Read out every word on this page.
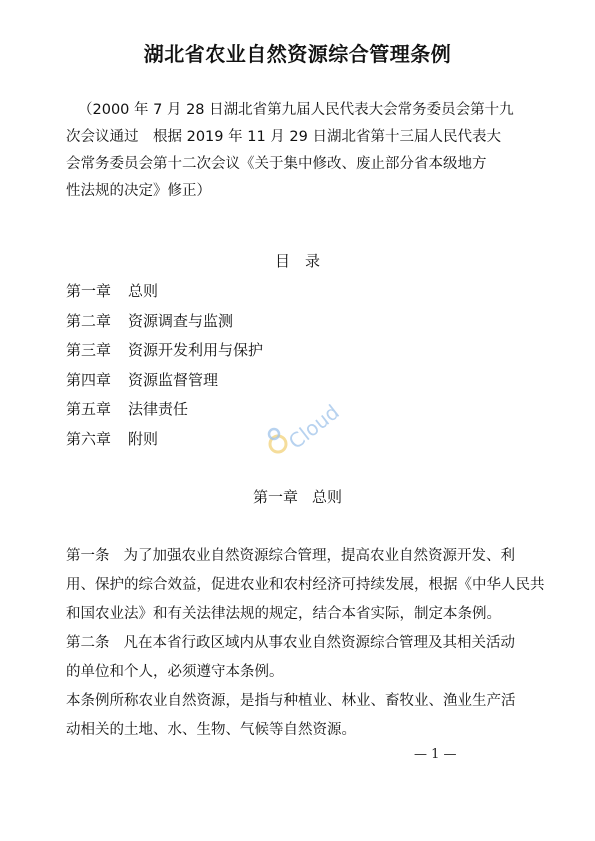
湖北省农业自然资源综合管理条例
（2000 年 7 月 28 日湖北省第九届人民代表大会常务委员会第十九
次会议通过　根据 2019 年 11 月 29 日湖北省第十三届人民代表大
会常务委员会第十二次会议《关于集中修改、废止部分省本级地方
性法规的决定》修正）
目　录
第一章 总则
第二章 资源调查与监测
第三章 资源开发利用与保护
第四章 资源监督管理
第五章 法律责任
第六章 附则
第一章 总则
第一条 为了加强农业自然资源综合管理，提高农业自然资源开发、利
用、保护的综合效益，促进农业和农村经济可持续发展，根据《中华人民共
和国农业法》和有关法律法规的规定，结合本省实际，制定本条例。
第二条 凡在本省行政区域内从事农业自然资源综合管理及其相关活动
的单位和个人，必须遵守本条例。
本条例所称农业自然资源，是指与种植业、林业、畜牧业、渔业生产活
动相关的土地、水、生物、气候等自然资源。
— 1 —
Cloud
